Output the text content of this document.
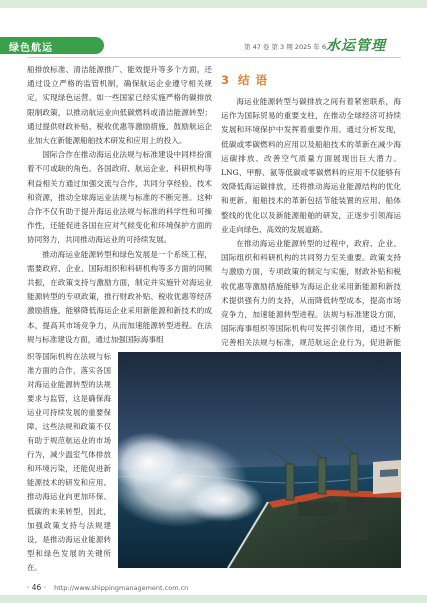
绿色航运	第 47 卷 第 3 期 2025 年 6 月
水运管理

船排放标准、清洁能源推广、能效提升等多个方面，还通过设立严格的监管机制，确保航运企业遵守相关规定，实现绿色运营。如一些国家已经实施严格的碳排放限制政策，以推动航运业向低碳燃料或清洁能源转型；通过提供财政补贴、税收优惠等激励措施，鼓励航运企业加大在新能源船舶技术研发和应用上的投入。

国际合作在推动海运业法规与标准建设中同样扮演着不可或缺的角色。各国政府、航运企业、科研机构等利益相关方通过加强交流与合作，共同分享经验、技术和资源，推动全球海运业法规与标准的不断完善。这种合作不仅有助于提升海运业法规与标准的科学性和可操作性，还能促进各国在应对气候变化和环境保护方面的协同努力，共同推动海运业的可持续发展。

推动海运业能源转型和绿色发展是一个系统工程，需要政府、企业、国际组织和科研机构等多方面的同频共振，在政策支持与激励方面，制定并实施针对海运业能源转型的专项政策，推行财政补贴、税收优惠等经济激励措施，能够降低海运企业采用新能源和新技术的成本，提高其市场竞争力，从而加速能源转型进程。在法规与标准建设方面，通过加强国际海事组

织等国际机构在法规与标准方面的合作，落实各国对海运业能源转型的法规要求与监管，这是确保海运业可持续发展的重要保障。这些法规和政策不仅有助于规范航运业的市场行为，减少温室气体排放和环境污染，还能促进新能源技术的研发和应用。推动海运业向更加环保、低碳的未来转型，因此，加强政策支持与法规建设，是推动海运业能源转型和绿色发展的关键所在。

3 结 语

海运业能源转型与碳排放之间有着紧密联系，海运作为国际贸易的重要支柱，在推动全球经济可持续发展和环境保护中发挥着重要作用。通过分析发现，低碳或零碳燃料的应用以及船舶技术的革新在减少海运碳排放、改善空气质量方面展现出巨大潜力。LNG、甲醇、氨等低碳或零碳燃料的应用不仅能够有效降低海运碳排放，还将推动海运业能源结构的优化和更新。船舶技术的革新包括节能装置的应用、船体整线的优化以及新能源船舶的研发，正逐步引领海运业走向绿色、高效的发展道路。

在推动海运业能源转型的过程中，政府、企业、国际组织和科研机构的共同努力至关重要。政策支持与激励方面，专项政策的制定与实施，财政补贴和税收优惠等激励措施能够为海运企业采用新能源和新技术提供强有力的支持，从而降低转型成本，提高市场竞争力，加速能源转型进程。法规与标准建设方面，国际海事组织等国际机构可发挥引领作用，通过不断完善相关法规与标准，规范航运企业行为，促进新能

· 46 · http://www.shippingmanagement.com.cn
